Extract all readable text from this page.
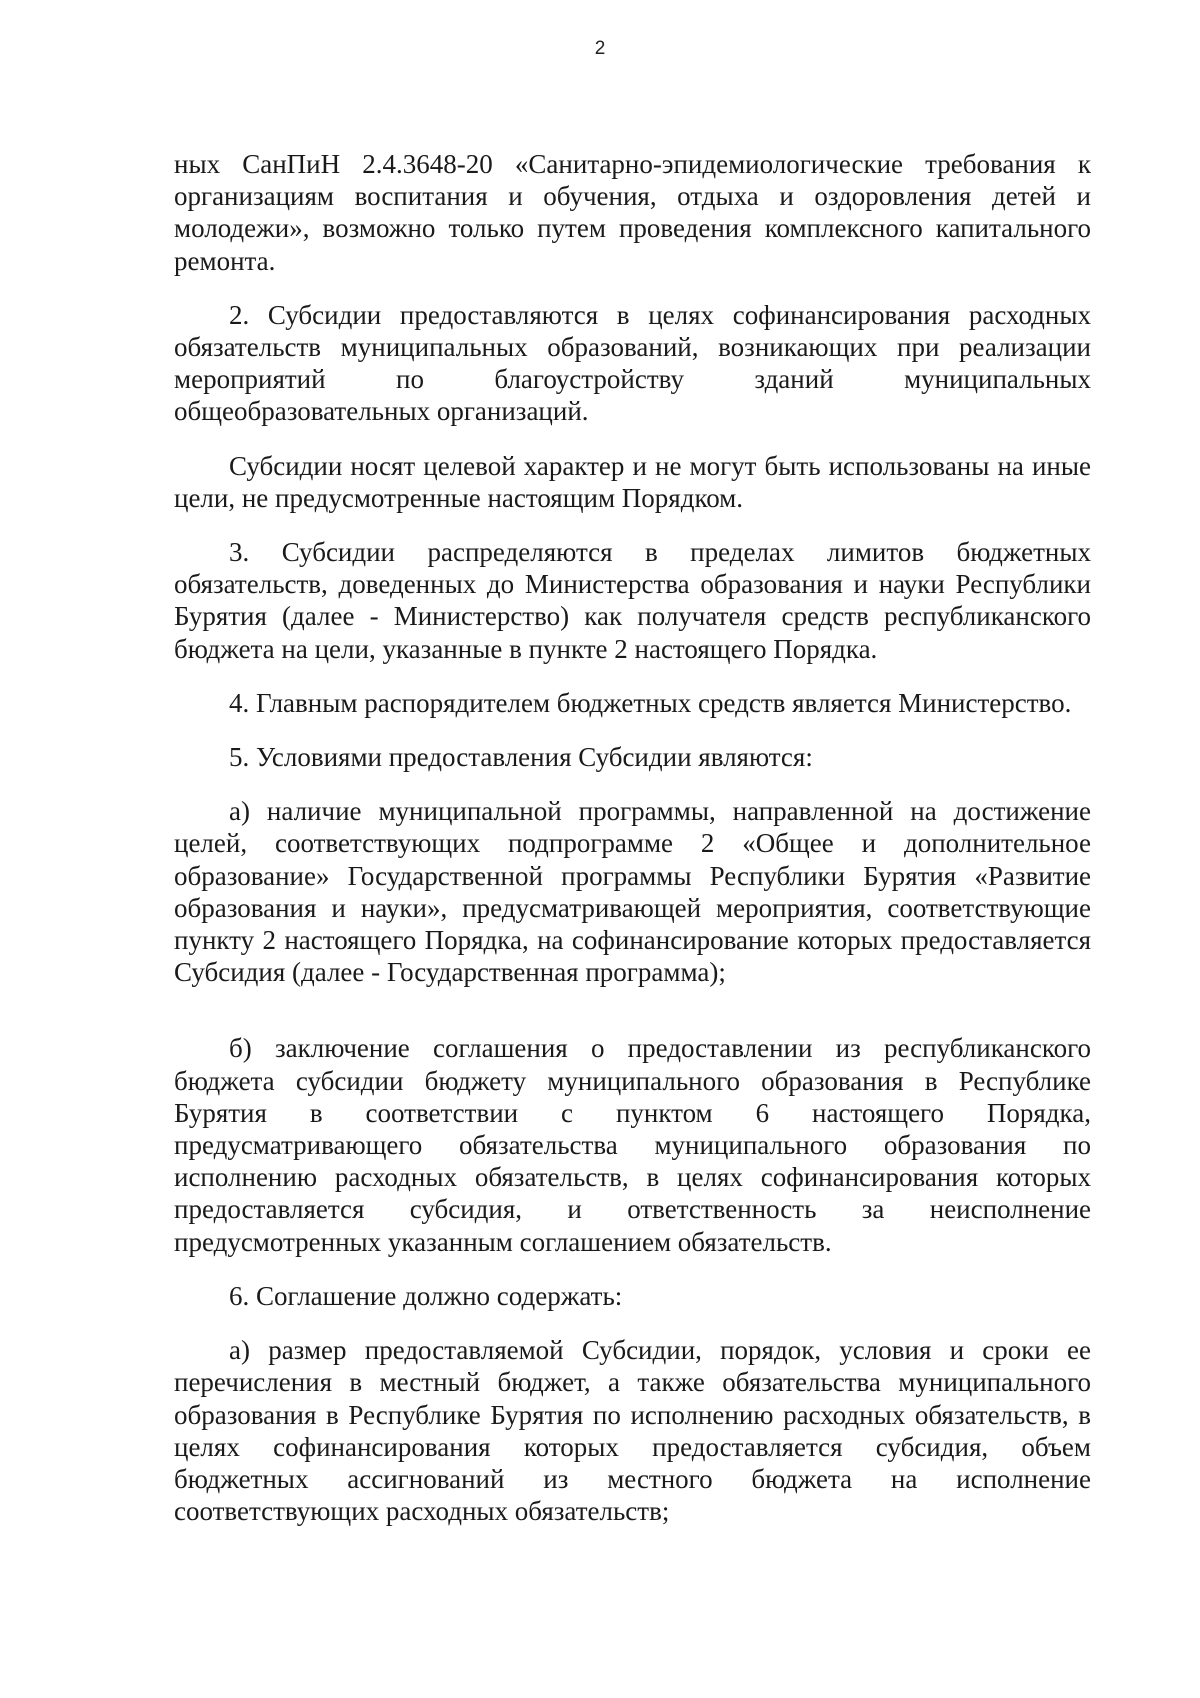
2

ных СанПиН 2.4.3648-20 «Санитарно-эпидемиологические требования к организациям воспитания и обучения, отдыха и оздоровления детей и молодежи», возможно только путем проведения комплексного капитального ремонта.

2. Субсидии предоставляются в целях софинансирования расходных обязательств муниципальных образований, возникающих при реализации мероприятий по благоустройству зданий муниципальных общеобразовательных организаций.

Субсидии носят целевой характер и не могут быть использованы на иные цели, не предусмотренные настоящим Порядком.

3. Субсидии распределяются в пределах лимитов бюджетных обязательств, доведенных до Министерства образования и науки Республики Бурятия (далее - Министерство) как получателя средств республиканского бюджета на цели, указанные в пункте 2 настоящего Порядка.

4. Главным распорядителем бюджетных средств является Министерство.

5. Условиями предоставления Субсидии являются:

а) наличие муниципальной программы, направленной на достижение целей, соответствующих подпрограмме 2 «Общее и дополнительное образование» Государственной программы Республики Бурятия «Развитие образования и науки», предусматривающей мероприятия, соответствующие пункту 2 настоящего Порядка, на софинансирование которых предоставляется Субсидия (далее - Государственная программа);

б) заключение соглашения о предоставлении из республиканского бюджета субсидии бюджету муниципального образования в Республике Бурятия в соответствии с пунктом 6 настоящего Порядка, предусматривающего обязательства муниципального образования по исполнению расходных обязательств, в целях софинансирования которых предоставляется субсидия, и ответственность за неисполнение предусмотренных указанным соглашением обязательств.

6. Соглашение должно содержать:

а) размер предоставляемой Субсидии, порядок, условия и сроки ее перечисления в местный бюджет, а также обязательства муниципального образования в Республике Бурятия по исполнению расходных обязательств, в целях софинансирования которых предоставляется субсидия, объем бюджетных ассигнований из местного бюджета на исполнение соответствующих расходных обязательств;
